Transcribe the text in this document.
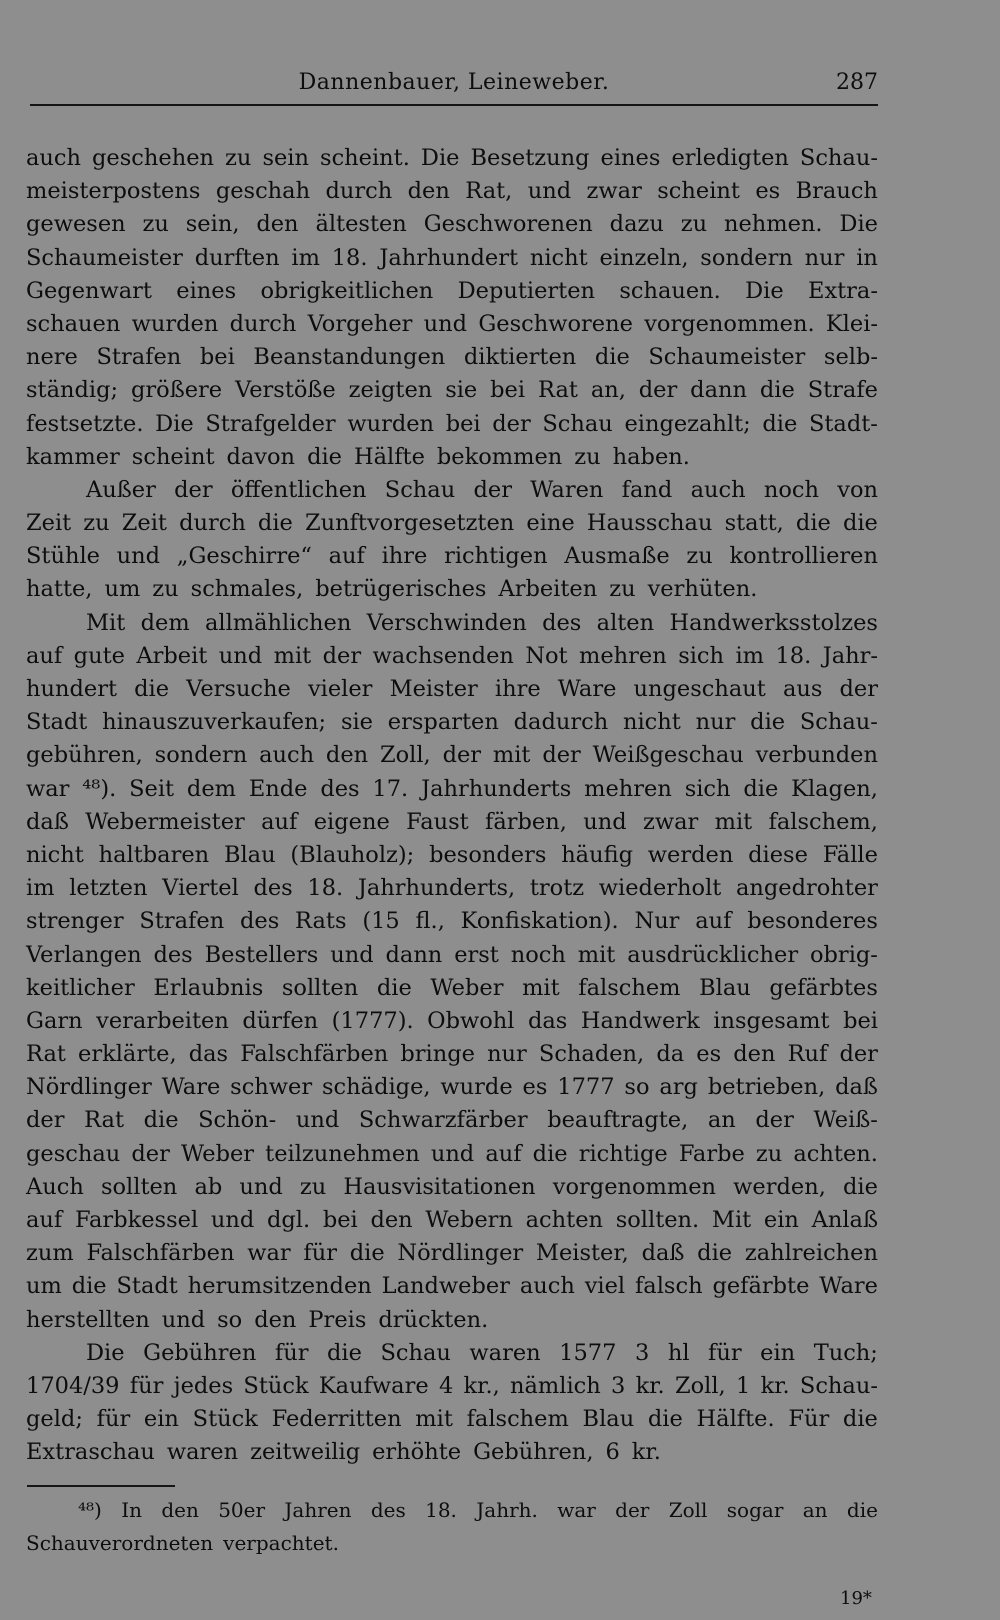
Dannenbauer, Leineweber.	287
auch geschehen zu sein scheint. Die Besetzung eines erledigten Schau-
meisterpostens geschah durch den Rat, und zwar scheint es Brauch
gewesen zu sein, den ältesten Geschworenen dazu zu nehmen. Die
Schaumeister durften im 18. Jahrhundert nicht einzeln, sondern nur in
Gegenwart eines obrigkeitlichen Deputierten schauen. Die Extra-
schauen wurden durch Vorgeher und Geschworene vorgenommen. Klei-
nere Strafen bei Beanstandungen diktierten die Schaumeister selb-
ständig; größere Verstöße zeigten sie bei Rat an, der dann die Strafe
festsetzte. Die Strafgelder wurden bei der Schau eingezahlt; die Stadt-
kammer scheint davon die Hälfte bekommen zu haben.
Außer der öffentlichen Schau der Waren fand auch noch von
Zeit zu Zeit durch die Zunftvorgesetzten eine Hausschau statt, die die
Stühle und „Geschirre“ auf ihre richtigen Ausmaße zu kontrollieren
hatte, um zu schmales, betrügerisches Arbeiten zu verhüten.
Mit dem allmählichen Verschwinden des alten Handwerksstolzes
auf gute Arbeit und mit der wachsenden Not mehren sich im 18. Jahr-
hundert die Versuche vieler Meister ihre Ware ungeschaut aus der
Stadt hinauszuverkaufen; sie ersparten dadurch nicht nur die Schau-
gebühren, sondern auch den Zoll, der mit der Weißgeschau verbunden
war ⁴⁸). Seit dem Ende des 17. Jahrhunderts mehren sich die Klagen,
daß Webermeister auf eigene Faust färben, und zwar mit falschem,
nicht haltbaren Blau (Blauholz); besonders häufig werden diese Fälle
im letzten Viertel des 18. Jahrhunderts, trotz wiederholt angedrohter
strenger Strafen des Rats (15 fl., Konfiskation). Nur auf besonderes
Verlangen des Bestellers und dann erst noch mit ausdrücklicher obrig-
keitlicher Erlaubnis sollten die Weber mit falschem Blau gefärbtes
Garn verarbeiten dürfen (1777). Obwohl das Handwerk insgesamt bei
Rat erklärte, das Falschfärben bringe nur Schaden, da es den Ruf der
Nördlinger Ware schwer schädige, wurde es 1777 so arg betrieben, daß
der Rat die Schön- und Schwarzfärber beauftragte, an der Weiß-
geschau der Weber teilzunehmen und auf die richtige Farbe zu achten.
Auch sollten ab und zu Hausvisitationen vorgenommen werden, die
auf Farbkessel und dgl. bei den Webern achten sollten. Mit ein Anlaß
zum Falschfärben war für die Nördlinger Meister, daß die zahlreichen
um die Stadt herumsitzenden Landweber auch viel falsch gefärbte Ware
herstellten und so den Preis drückten.
Die Gebühren für die Schau waren 1577 3 hl für ein Tuch;
1704/39 für jedes Stück Kaufware 4 kr., nämlich 3 kr. Zoll, 1 kr. Schau-
geld; für ein Stück Federritten mit falschem Blau die Hälfte. Für die
Extraschau waren zeitweilig erhöhte Gebühren, 6 kr.
⁴⁸) In den 50er Jahren des 18. Jahrh. war der Zoll sogar an die
Schauverordneten verpachtet.
19*
